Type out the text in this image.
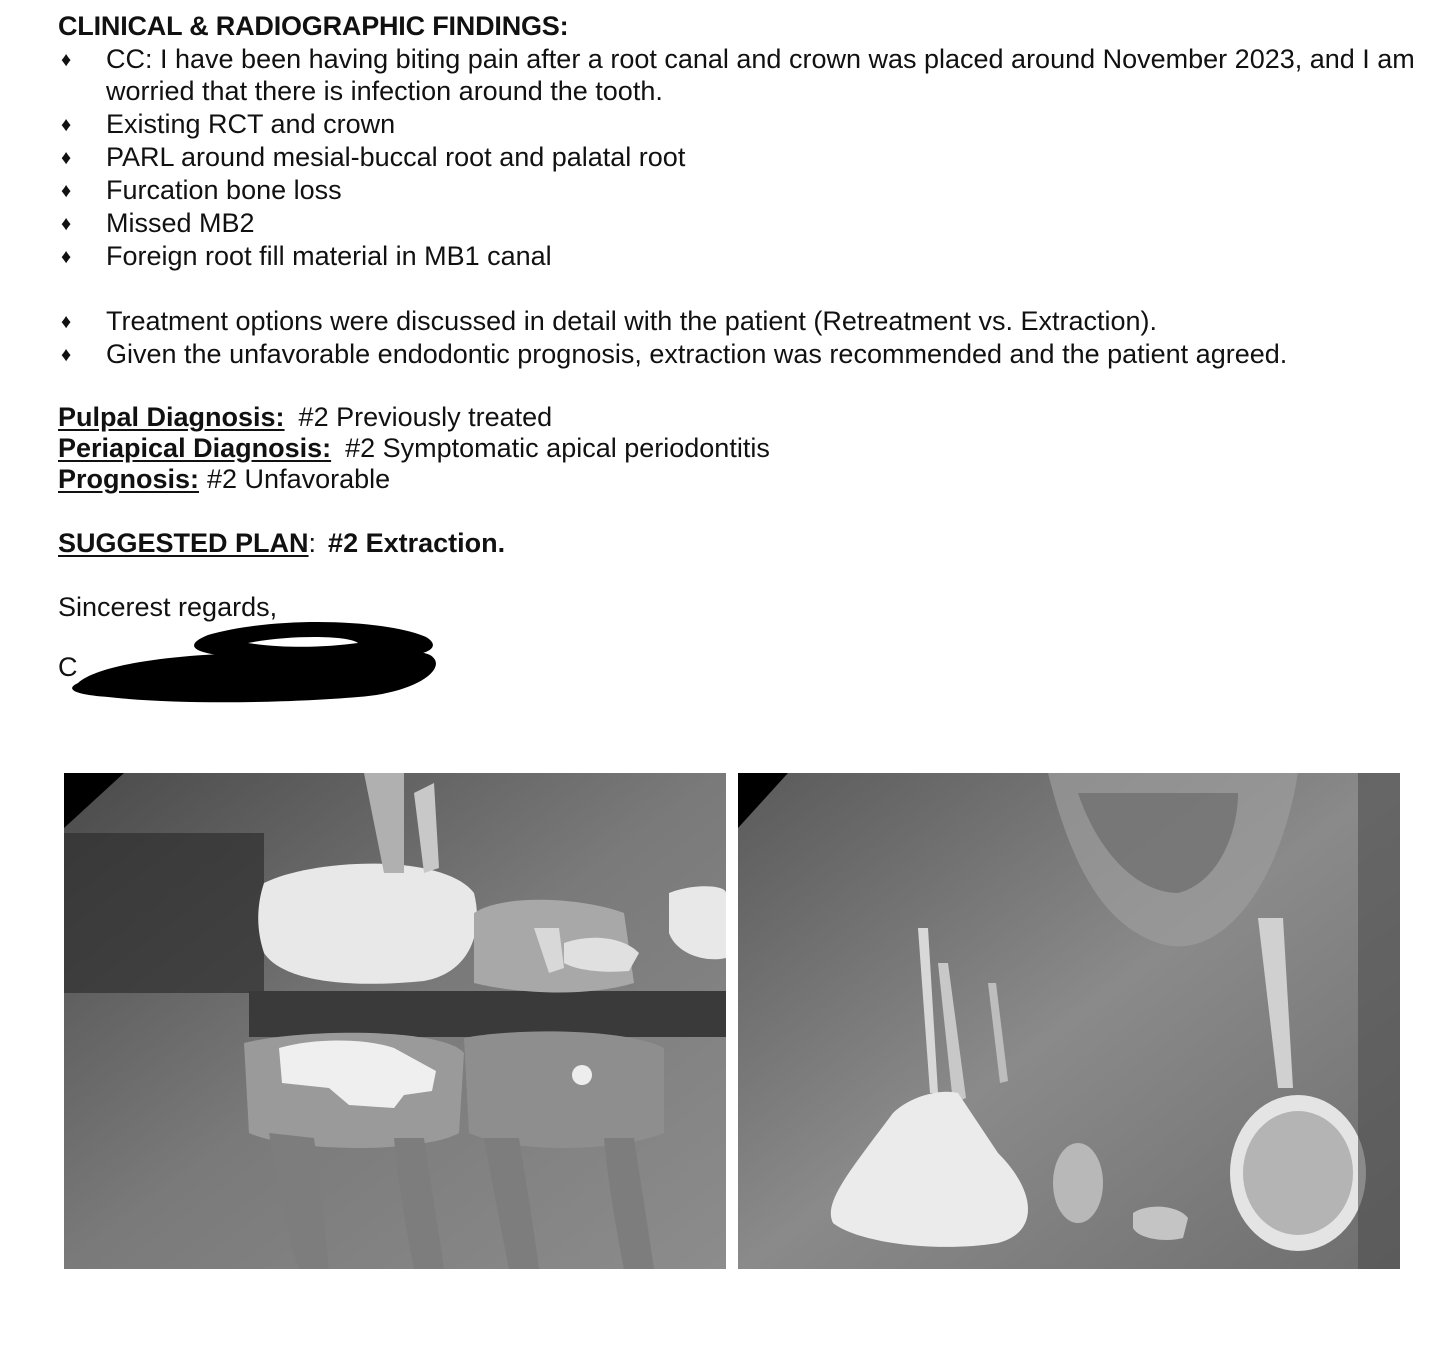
CLINICAL & RADIOGRAPHIC FINDINGS:

♦ CC: I have been having biting pain after a root canal and crown was placed around November 2023, and I am worried that there is infection around the tooth.
♦ Existing RCT and crown
♦ PARL around mesial-buccal root and palatal root
♦ Furcation bone loss
♦ Missed MB2
♦ Foreign root fill material in MB1 canal
♦ Treatment options were discussed in detail with the patient (Retreatment vs. Extraction).
♦ Given the unfavorable endodontic prognosis, extraction was recommended and the patient agreed.

Pulpal Diagnosis: #2 Previously treated

Periapical Diagnosis: #2 Symptomatic apical periodontitis

Prognosis: #2 Unfavorable

SUGGESTED PLAN: #2 Extraction.

Sincerest regards,

C
